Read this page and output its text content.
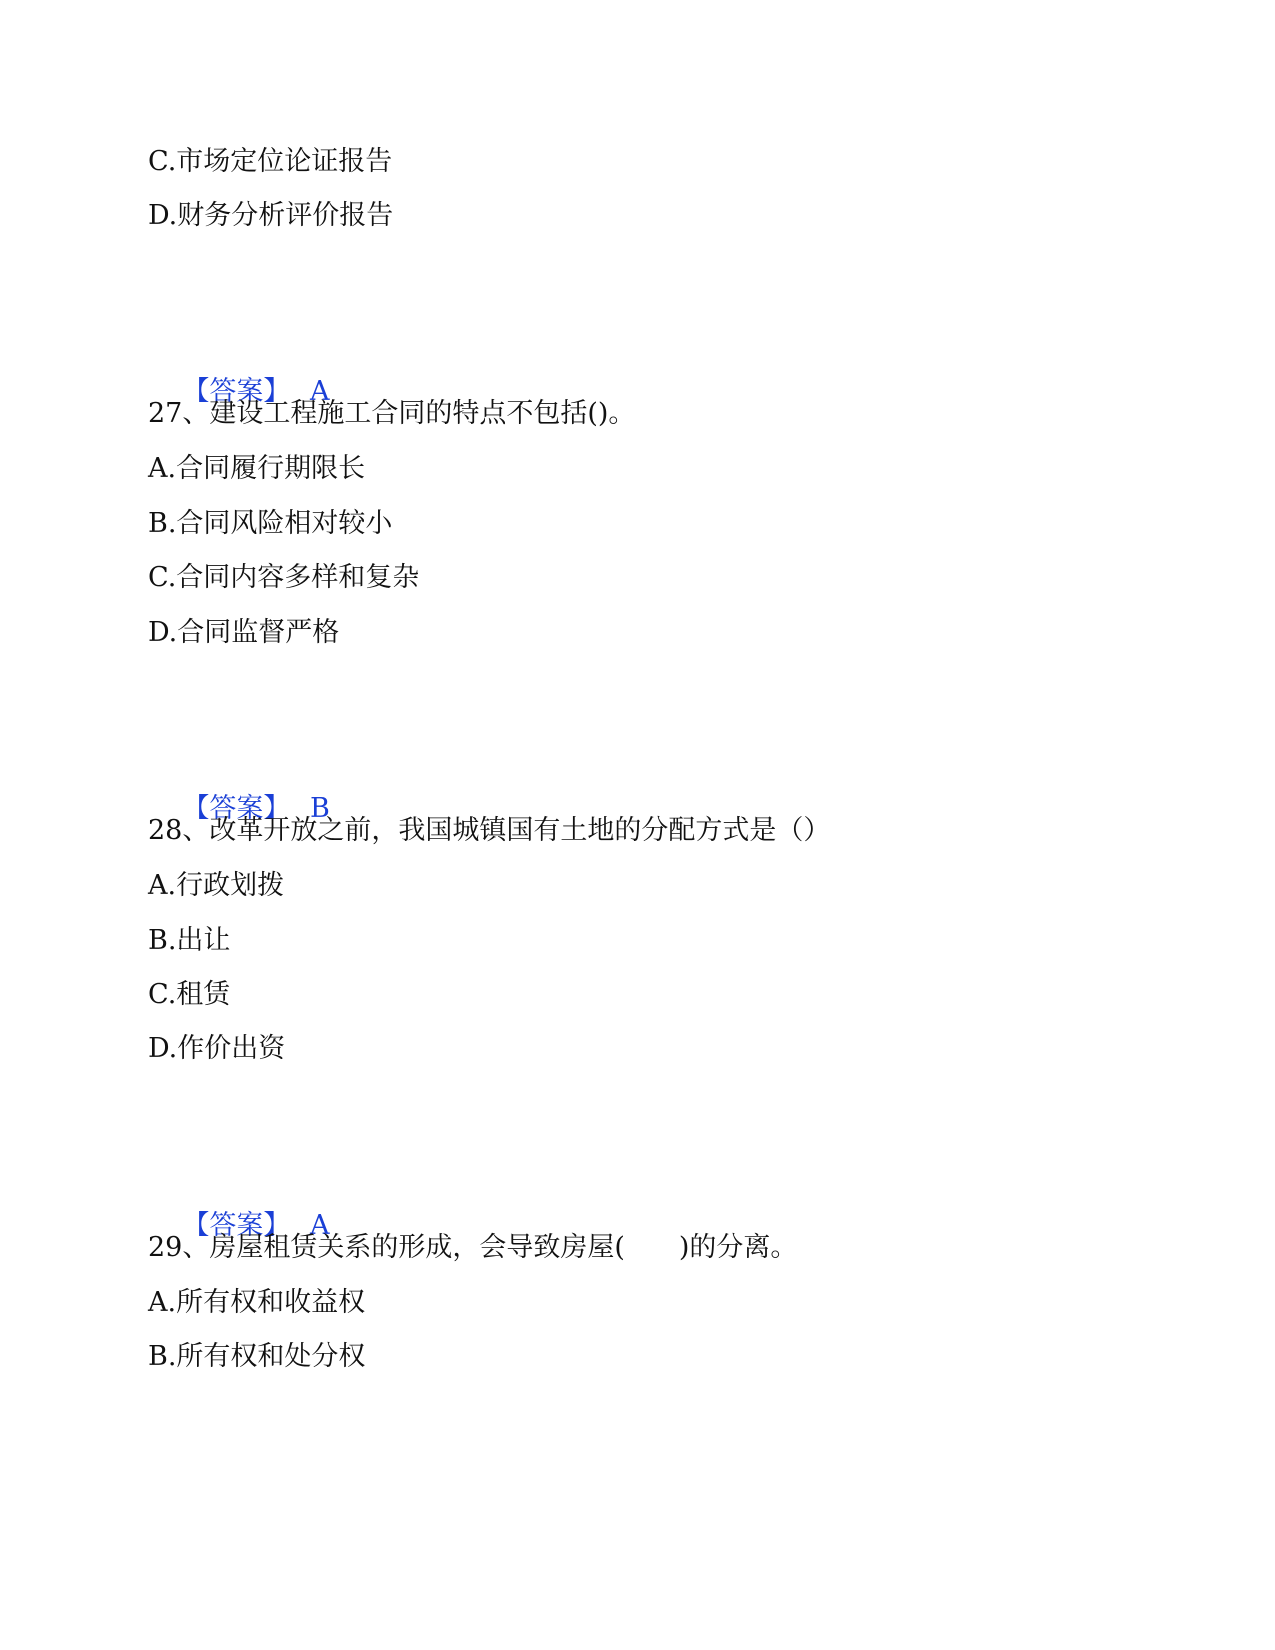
C.市场定位论证报告
D.财务分析评价报告

【答案】 A

27、建设工程施工合同的特点不包括()。
A.合同履行期限长
B.合同风险相对较小
C.合同内容多样和复杂
D.合同监督严格

【答案】 B

28、改革开放之前，我国城镇国有土地的分配方式是（）
A.行政划拨
B.出让
C.租赁
D.作价出资

【答案】 A

29、房屋租赁关系的形成，会导致房屋(　　)的分离。
A.所有权和收益权
B.所有权和处分权
